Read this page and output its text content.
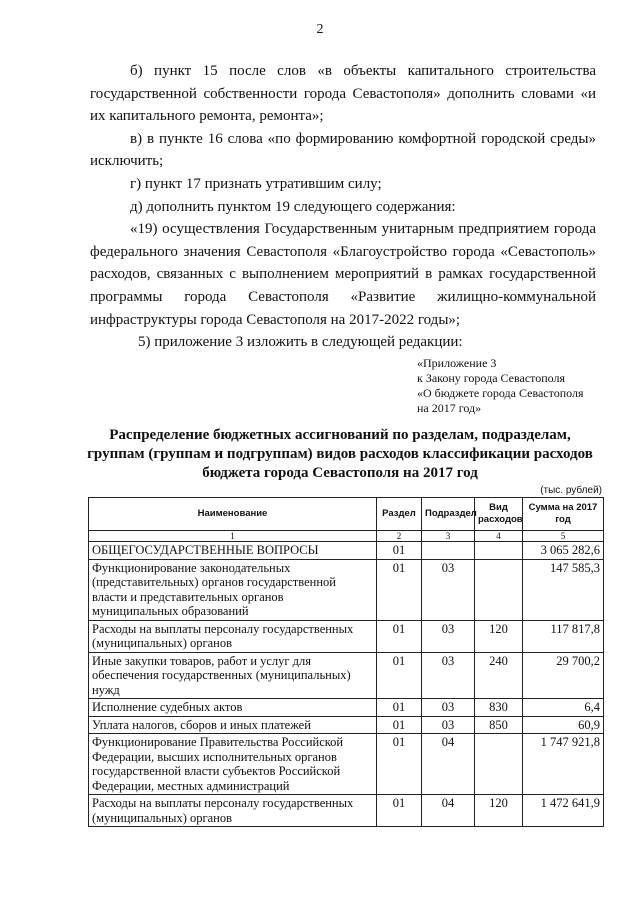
2

б) пункт 15 после слов «в объекты капитального строительства государственной собственности города Севастополя» дополнить словами «и их капитального ремонта, ремонта»;

в) в пункте 16 слова «по формированию комфортной городской среды» исключить;

г) пункт 17 признать утратившим силу;

д) дополнить пунктом 19 следующего содержания:

«19) осуществления Государственным унитарным предприятием города федерального значения Севастополя «Благоустройство города «Севастополь» расходов, связанных с выполнением мероприятий в рамках государственной программы города Севастополя «Развитие жилищно-коммунальной инфраструктуры города Севастополя на 2017-2022 годы»;

5) приложение 3 изложить в следующей редакции:

«Приложение 3
к Закону города Севастополя
«О бюджете города Севастополя
на 2017 год»
Распределение бюджетных ассигнований по разделам, подразделам, группам (группам и подгруппам) видов расходов классификации расходов бюджета города Севастополя на 2017 год
(тыс. рублей)
Наименование	Раздел	Подраздел	Вид расходов	Сумма на 2017 год
1	2	3	4	5
ОБЩЕГОСУДАРСТВЕННЫЕ ВОПРОСЫ	01			3 065 282,6
Функционирование законодательных (представительных) органов государственной власти и представительных органов муниципальных образований	01	03		147 585,3
Расходы на выплаты персоналу государственных (муниципальных) органов	01	03	120	117 817,8
Иные закупки товаров, работ и услуг для обеспечения государственных (муниципальных) нужд	01	03	240	29 700,2
Исполнение судебных актов	01	03	830	6,4
Уплата налогов, сборов и иных платежей	01	03	850	60,9
Функционирование Правительства Российской Федерации, высших исполнительных органов государственной власти субъектов Российской Федерации, местных администраций	01	04		1 747 921,8
Расходы на выплаты персоналу государственных (муниципальных) органов	01	04	120	1 472 641,9
